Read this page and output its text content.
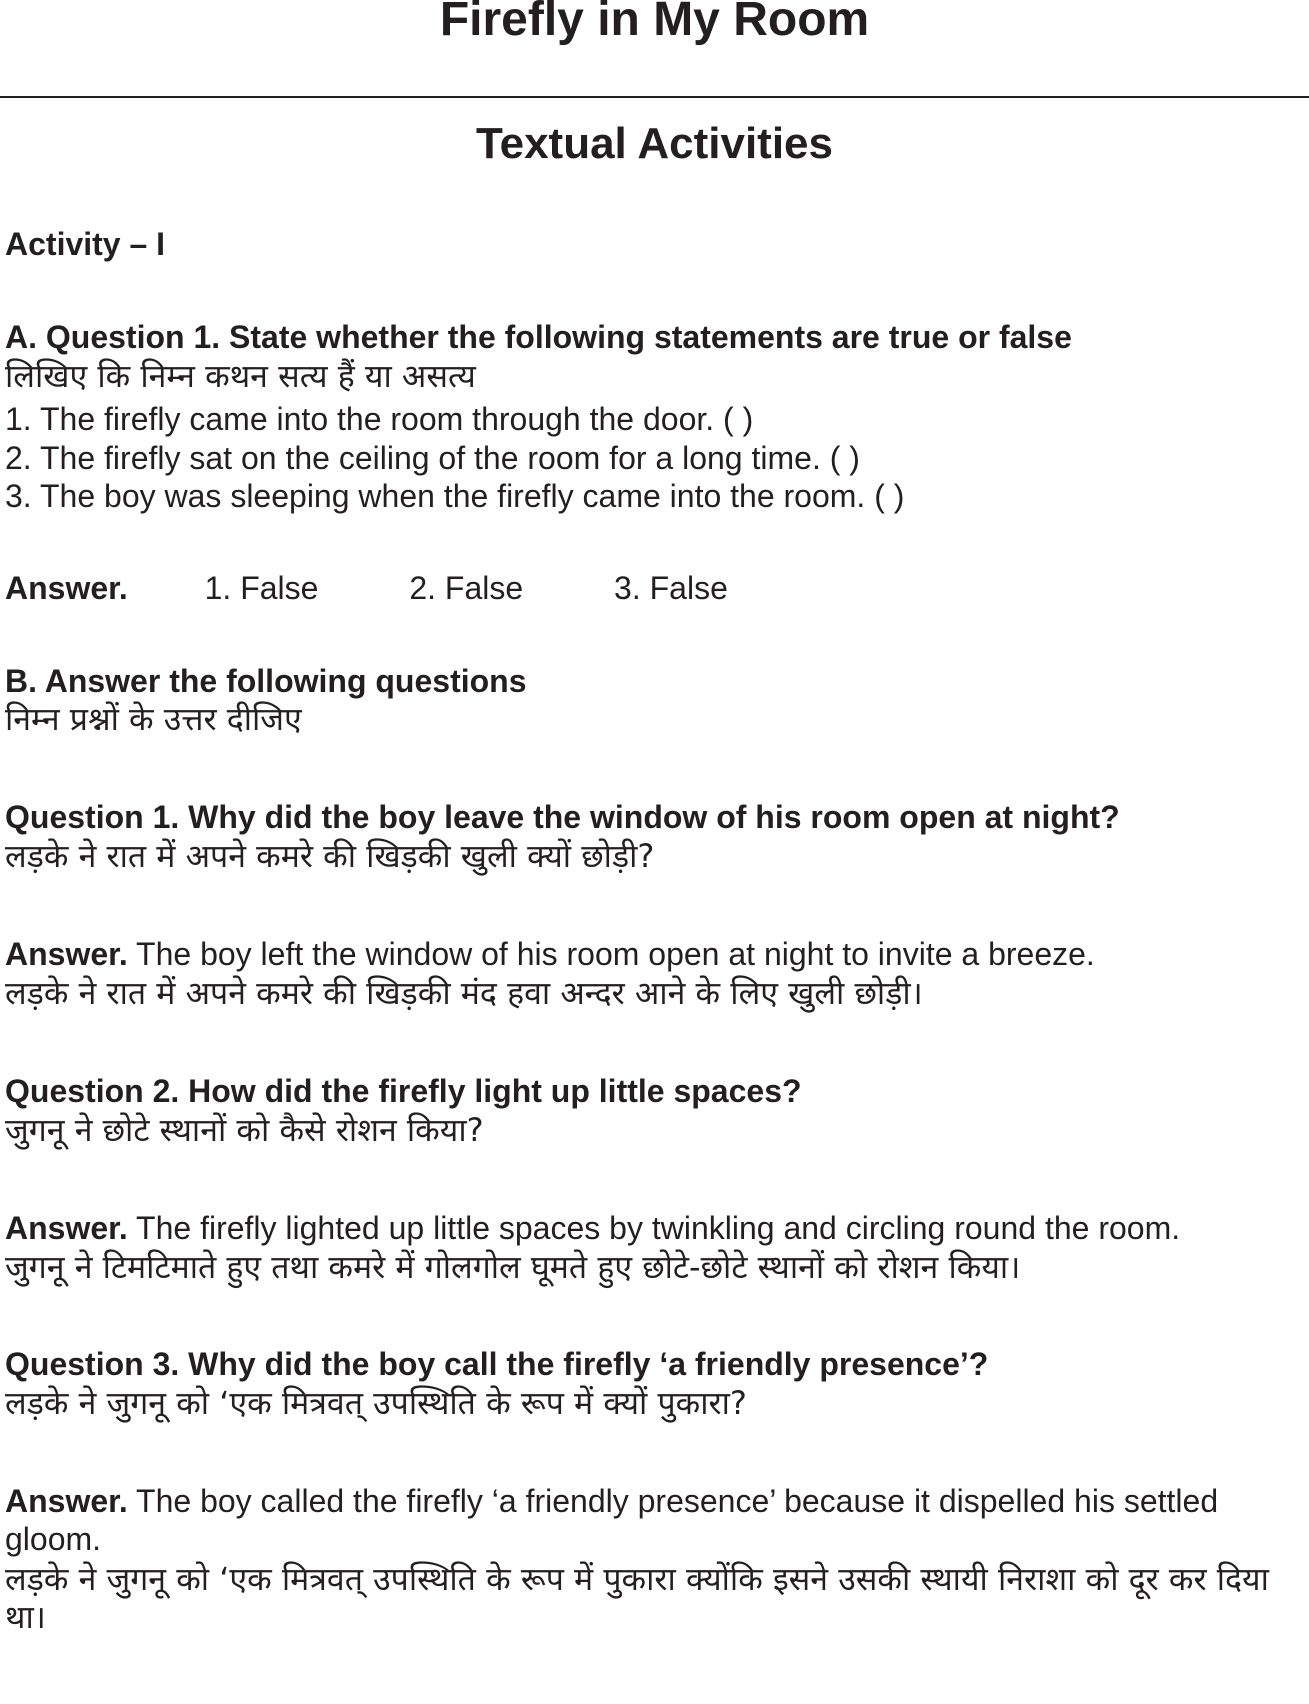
Firefly in My Room
Textual Activities

Activity – I

A. Question 1. State whether the following statements are true or false

लिखिए कि निम्न कथन सत्य हैं या असत्य

1. The firefly came into the room through the door. ( )

2. The firefly sat on the ceiling of the room for a long time. ( )

3. The boy was sleeping when the firefly came into the room. ( )

Answer. 1. False	2. False	3. False

B. Answer the following questions

निम्न प्रश्नों के उत्तर दीजिए

Question 1. Why did the boy leave the window of his room open at night?

लड़के ने रात में अपने कमरे की खिड़की खुली क्यों छोड़ी?

Answer. The boy left the window of his room open at night to invite a breeze.

लड़के ने रात में अपने कमरे की खिड़की मंद हवा अन्दर आने के लिए खुली छोड़ी।

Question 2. How did the firefly light up little spaces?

जुगनू ने छोटे स्थानों को कैसे रोशन किया?

Answer. The firefly lighted up little spaces by twinkling and circling round the room.

जुगनू ने टिमटिमाते हुए तथा कमरे में गोलगोल घूमते हुए छोटे-छोटे स्थानों को रोशन किया।

Question 3. Why did the boy call the firefly ‘a friendly presence’?

लड़के ने जुगनू को ‘एक मित्रवत् उपस्थिति के रूप में क्यों पुकारा?

Answer. The boy called the firefly ‘a friendly presence’ because it dispelled his settled gloom.

लड़के ने जुगनू को ‘एक मित्रवत् उपस्थिति के रूप में पुकारा क्योंकि इसने उसकी स्थायी निराशा को दूर कर दिया था।
